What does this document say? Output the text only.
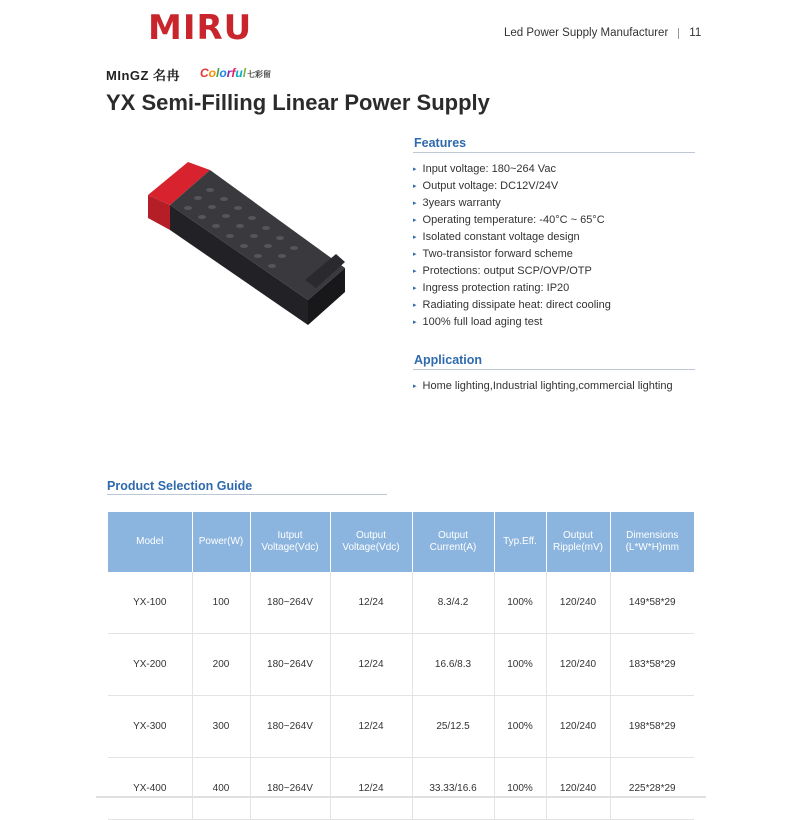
MIRU	Led Power Supply Manufacturer 11
MInGZ 名冉 Colorful七彩留
YX Semi-Filling Linear Power Supply
Features
▸ Input voltage: 180~264 Vac
▸ Output voltage: DC12V/24V
▸ 3years warranty
▸ Operating temperature: -40°C ~ 65°C
▸ Isolated constant voltage design
▸ Two-transistor forward scheme
▸ Protections: output SCP/OVP/OTP
▸ Ingress protection rating: IP20
▸ Radiating dissipate heat: direct cooling
▸ 100% full load aging test
Application
▸ Home lighting,Industrial lighting,commercial lighting
Product Selection Guide
Model	Power(W)	Iutput Voltage(Vdc)	Output Voltage(Vdc)	Output Current(A)	Typ.Eff.	Output Ripple(mV)	Dimensions (L*W*H)mm
YX-100	100	180~264V	12/24	8.3/4.2	100%	120/240	149*58*29
YX-200	200	180~264V	12/24	16.6/8.3	100%	120/240	183*58*29
YX-300	300	180~264V	12/24	25/12.5	100%	120/240	198*58*29
YX-400	400	180~264V	12/24	33.33/16.6	100%	120/240	225*28*29
